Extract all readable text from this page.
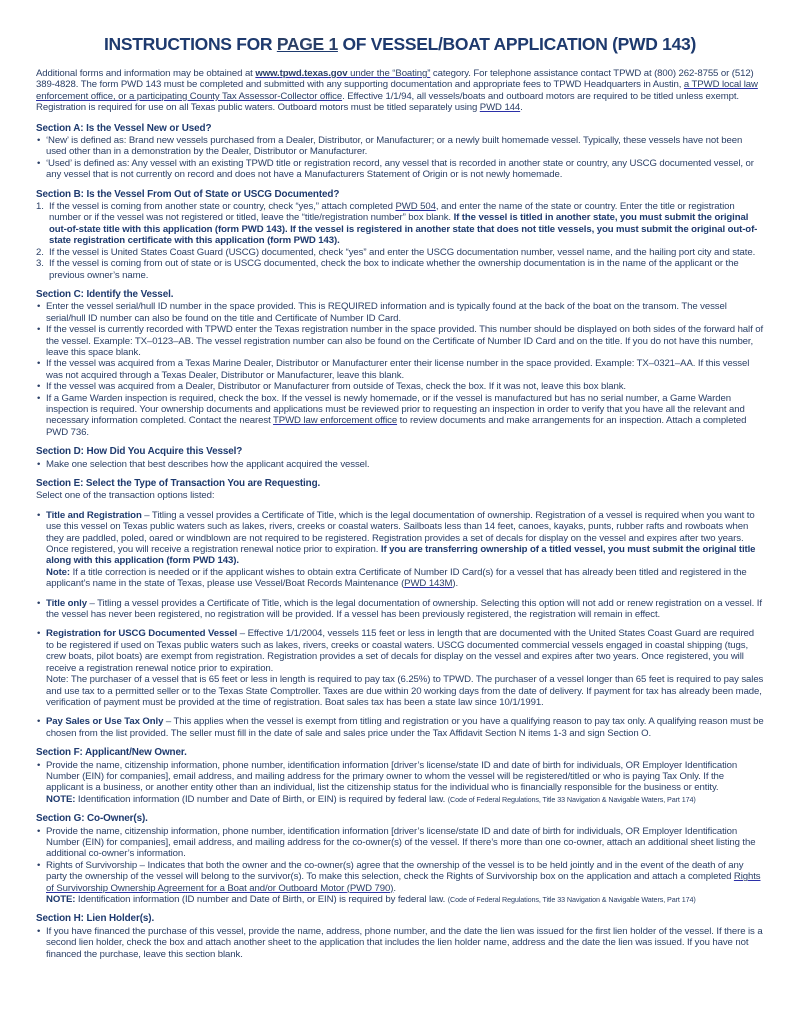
INSTRUCTIONS FOR PAGE 1 OF VESSEL/BOAT APPLICATION (PWD 143)

Additional forms and information may be obtained at www.tpwd.texas.gov under the “Boating” category. For telephone assistance contact TPWD at (800) 262-8755 or (512) 389-4828. The form PWD 143 must be completed and submitted with any supporting documentation and appropriate fees to TPWD Headquarters in Austin, a TPWD local law enforcement office, or a participating County Tax Assessor-Collector office. Effective 1/1/94, all vessels/boats and outboard motors are required to be titled unless exempt. Registration is required for use on all Texas public waters. Outboard motors must be titled separately using PWD 144.

Section A: Is the Vessel New or Used?
• ‘New’ is defined as: Brand new vessels purchased from a Dealer, Distributor, or Manufacturer; or a newly built homemade vessel. Typically, these vessels have not been used other than in a demonstration by the Dealer, Distributor or Manufacturer.
• ‘Used’ is defined as: Any vessel with an existing TPWD title or registration record, any vessel that is recorded in another state or country, any USCG documented vessel, or any vessel that is not currently on record and does not have a Manufacturers Statement of Origin or is not newly homemade.
Section B: Is the Vessel From Out of State or USCG Documented?
1. If the vessel is coming from another state or country, check “yes,” attach completed PWD 504, and enter the name of the state or country. Enter the title or registration number or if the vessel was not registered or titled, leave the “title/registration number” box blank. If the vessel is titled in another state, you must submit the original out-of-state title with this application (form PWD 143). If the vessel is registered in another state that does not title vessels, you must submit the original out-of-state registration certificate with this application (form PWD 143).
2. If the vessel is United States Coast Guard (USCG) documented, check “yes” and enter the USCG documentation number, vessel name, and the hailing port city and state.
3. If the vessel is coming from out of state or is USCG documented, check the box to indicate whether the ownership documentation is in the name of the applicant or the previous owner’s name.
Section C: Identify the Vessel.
• Enter the vessel serial/hull ID number in the space provided. This is REQUIRED information and is typically found at the back of the boat on the transom. The vessel serial/hull ID number can also be found on the title and Certificate of Number ID Card.
• If the vessel is currently recorded with TPWD enter the Texas registration number in the space provided. This number should be displayed on both sides of the forward half of the vessel. Example: TX–0123–AB. The vessel registration number can also be found on the Certificate of Number ID Card and on the title. If you do not have this number, leave this space blank.
• If the vessel was acquired from a Texas Marine Dealer, Distributor or Manufacturer enter their license number in the space provided. Example: TX–0321–AA. If this vessel was not acquired through a Texas Dealer, Distributor or Manufacturer, leave this blank.
• If the vessel was acquired from a Dealer, Distributor or Manufacturer from outside of Texas, check the box. If it was not, leave this box blank.
• If a Game Warden inspection is required, check the box. If the vessel is newly homemade, or if the vessel is manufactured but has no serial number, a Game Warden inspection is required. Your ownership documents and applications must be reviewed prior to requesting an inspection in order to verify that you have all the relevant and necessary information completed. Contact the nearest TPWD law enforcement office to review documents and make arrangements for an inspection. Attach a completed PWD 736.
Section D: How Did You Acquire this Vessel?
• Make one selection that best describes how the applicant acquired the vessel.
Section E: Select the Type of Transaction You are Requesting.

Select one of the transaction options listed:

• Title and Registration – Titling a vessel provides a Certificate of Title, which is the legal documentation of ownership. Registration of a vessel is required when you want to use this vessel on Texas public waters such as lakes, rivers, creeks or coastal waters. Sailboats less than 14 feet, canoes, kayaks, punts, rubber rafts and rowboats when they are paddled, poled, oared or windblown are not required to be registered. Registration provides a set of decals for display on the vessel and expires after two years. Once registered, you will receive a registration renewal notice prior to expiration. If you are transferring ownership of a titled vessel, you must submit the original title along with this application (form PWD 143).
Note: If a title correction is needed or if the applicant wishes to obtain extra Certificate of Number ID Card(s) for a vessel that has already been titled and registered in the applicant’s name in the state of Texas, please use Vessel/Boat Records Maintenance (PWD 143M).
• Title only – Titling a vessel provides a Certificate of Title, which is the legal documentation of ownership. Selecting this option will not add or renew registration on a vessel. If the vessel has never been registered, no registration will be provided. If a vessel has been previously registered, the registration will remain in effect.
• Registration for USCG Documented Vessel – Effective 1/1/2004, vessels 115 feet or less in length that are documented with the United States Coast Guard are required to be registered if used on Texas public waters such as lakes, rivers, creeks or coastal waters. USCG documented commercial vessels engaged in coastal shipping (tugs, crew boats, pilot boats) are exempt from registration. Registration provides a set of decals for display on the vessel and expires after two years. Once registered, you will receive a registration renewal notice prior to expiration.
Note: The purchaser of a vessel that is 65 feet or less in length is required to pay tax (6.25%) to TPWD. The purchaser of a vessel longer than 65 feet is required to pay sales and use tax to a permitted seller or to the Texas State Comptroller. Taxes are due within 20 working days from the date of delivery. If payment for tax has already been made, verification of payment must be provided at the time of registration. Boat sales tax has been a state law since 10/1/1991.
• Pay Sales or Use Tax Only – This applies when the vessel is exempt from titling and registration or you have a qualifying reason to pay tax only. A qualifying reason must be chosen from the list provided. The seller must fill in the date of sale and sales price under the Tax Affidavit Section N items 1-3 and sign Section O.
Section F: Applicant/New Owner.
• Provide the name, citizenship information, phone number, identification information [driver’s license/state ID and date of birth for individuals, OR Employer Identification Number (EIN) for companies], email address, and mailing address for the primary owner to whom the vessel will be registered/titled or who is paying Tax Only. If the applicant is a business, or another entity other than an individual, list the citizenship status for the individual who is financially responsible for the business or entity.
NOTE: Identification information (ID number and Date of Birth, or EIN) is required by federal law. (Code of Federal Regulations, Title 33 Navigation & Navigable Waters, Part 174)
Section G: Co-Owner(s).
• Provide the name, citizenship information, phone number, identification information [driver’s license/state ID and date of birth for individuals, OR Employer Identification Number (EIN) for companies], email address, and mailing address for the co-owner(s) of the vessel. If there’s more than one co-owner, attach an additional sheet listing the additional co-owner’s information.
• Rights of Survivorship – Indicates that both the owner and the co-owner(s) agree that the ownership of the vessel is to be held jointly and in the event of the death of any party the ownership of the vessel will belong to the survivor(s). To make this selection, check the Rights of Survivorship box on the application and attach a completed Rights of Survivorship Ownership Agreement for a Boat and/or Outboard Motor (PWD 790).
NOTE: Identification information (ID number and Date of Birth, or EIN) is required by federal law. (Code of Federal Regulations, Title 33 Navigation & Navigable Waters, Part 174)
Section H: Lien Holder(s).
• If you have financed the purchase of this vessel, provide the name, address, phone number, and the date the lien was issued for the first lien holder of the vessel. If there is a second lien holder, check the box and attach another sheet to the application that includes the lien holder name, address and the date the lien was issued. If you have not financed the purchase, leave this section blank.
